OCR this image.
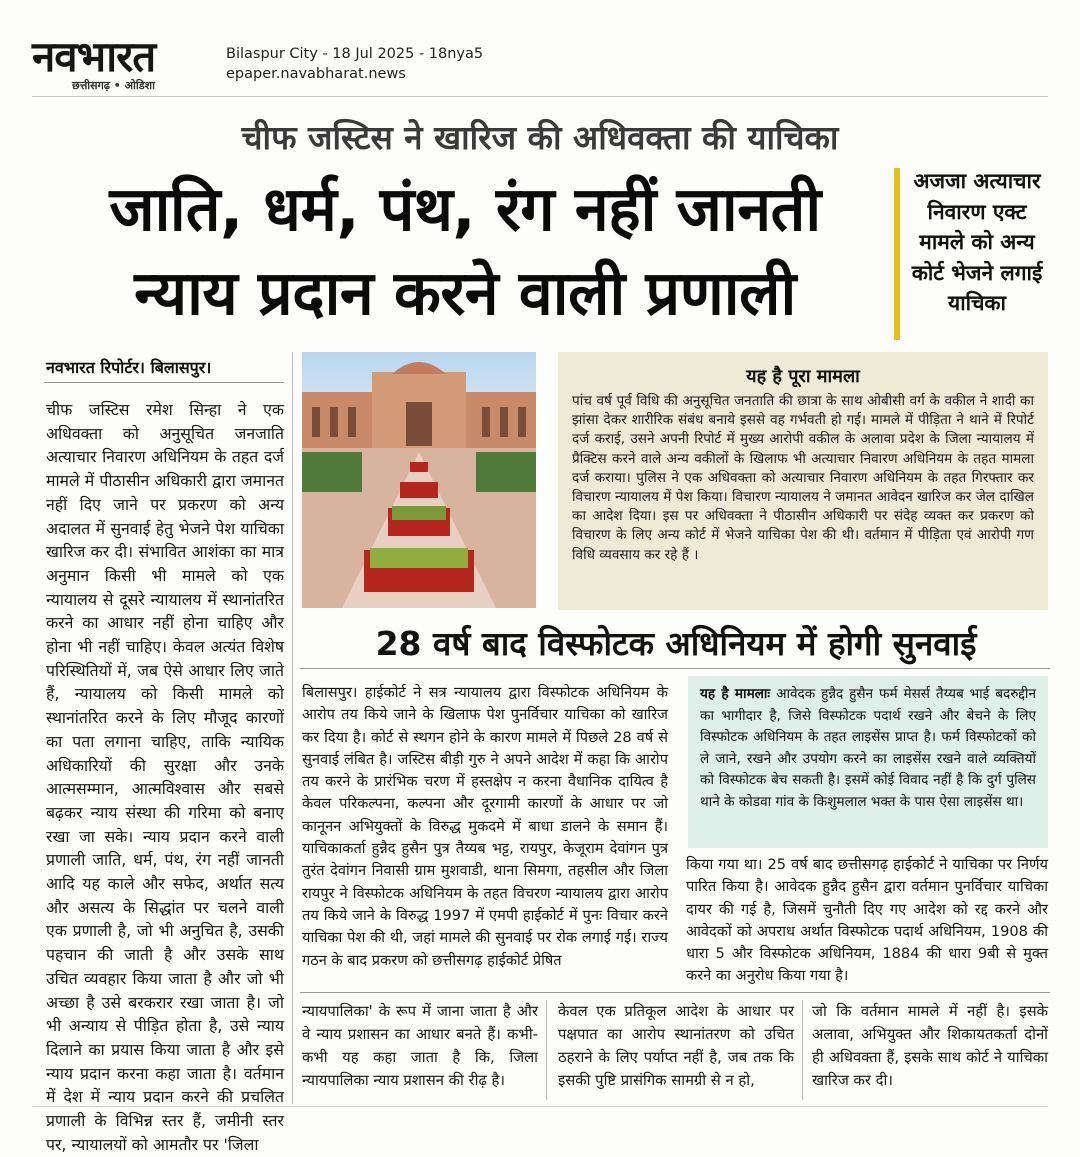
नवभारत
छत्तीसगढ़ • ओडिशा
Bilaspur City - 18 Jul 2025 - 18nya5
epaper.navabharat.news
चीफ जस्टिस ने खारिज की अधिवक्ता की याचिका
जाति, धर्म, पंथ, रंग नहीं जानती
न्याय प्रदान करने वाली प्रणाली
अजजा अत्याचार निवारण एक्ट मामले को अन्य कोर्ट भेजने लगाई याचिका
नवभारत रिपोर्टर। बिलासपुर।
चीफ जस्टिस रमेश सिन्हा ने एक अधिवक्ता को अनुसूचित जनजाति अत्याचार निवारण अधिनियम के तहत दर्ज मामले में पीठासीन अधिकारी द्वारा जमानत नहीं दिए जाने पर प्रकरण को अन्य अदालत में सुनवाई हेतु भेजने पेश याचिका खारिज कर दी। संभावित आशंका का मात्र अनुमान किसी भी मामले को एक न्यायालय से दूसरे न्यायालय में स्थानांतरित करने का आधार नहीं होना चाहिए और होना भी नहीं चाहिए। केवल अत्यंत विशेष परिस्थितियों में, जब ऐसे आधार लिए जाते हैं, न्यायालय को किसी मामले को स्थानांतरित करने के लिए मौजूद कारणों का पता लगाना चाहिए, ताकि न्यायिक अधिकारियों की सुरक्षा और उनके आत्मसम्मान, आत्मविश्वास और सबसे बढ़कर न्याय संस्था की गरिमा को बनाए रखा जा सके। न्याय प्रदान करने वाली प्रणाली जाति, धर्म, पंथ, रंग नहीं जानती आदि यह काले और सफेद, अर्थात सत्य और असत्य के सिद्धांत पर चलने वाली एक प्रणाली है, जो भी अनुचित है, उसकी पहचान की जाती है और उसके साथ उचित व्यवहार किया जाता है और जो भी अच्छा है उसे बरकरार रखा जाता है। जो भी अन्याय से पीड़ित होता है, उसे न्याय दिलाने का प्रयास किया जाता है और इसे न्याय प्रदान करना कहा जाता है। वर्तमान में देश में न्याय प्रदान करने की प्रचलित प्रणाली के विभिन्न स्तर हैं, जमीनी स्तर पर, न्यायालयों को आमतौर पर 'जिला
यह है पूरा मामला

पांच वर्ष पूर्व विधि की अनुसूचित जनताति की छात्रा के साथ ओबीसी वर्ग के वकील ने शादी का झांसा देकर शारीरिक संबंध बनाये इससे वह गर्भवती हो गई। मामले में पीड़िता ने थाने में रिपोर्ट दर्ज कराई, उसने अपनी रिपोर्ट में मुख्य आरोपी वकील के अलावा प्रदेश के जिला न्यायालय में प्रैक्टिस करने वाले अन्य वकीलों के खिलाफ भी अत्याचार निवारण अधिनियम के तहत मामला दर्ज कराया। पुलिस ने एक अधिवक्ता को अत्याचार निवारण अधिनियम के तहत गिरफ्तार कर विचारण न्यायालय में पेश किया। विचारण न्यायालय ने जमानत आवेदन खारिज कर जेल दाखिल का आदेश दिया। इस पर अधिवक्ता ने पीठासीन अधिकारी पर संदेह व्यक्त कर प्रकरण को विचारण के लिए अन्य कोर्ट में भेजने याचिका पेश की थी। वर्तमान में पीड़िता एवं आरोपी गण विधि व्यवसाय कर रहे हैं ।

28 वर्ष बाद विस्फोटक अधिनियम में होगी सुनवाई
बिलासपुर। हाईकोर्ट ने सत्र न्यायालय द्वारा विस्फोटक अधिनियम के आरोप तय किये जाने के खिलाफ पेश पुनर्विचार याचिका को खारिज कर दिया है। कोर्ट से स्थगन होने के कारण मामले में पिछले 28 वर्ष से सुनवाई लंबित है। जस्टिस बीड़ी गुरु ने अपने आदेश में कहा कि आरोप तय करने के प्रारंभिक चरण में हस्तक्षेप न करना वैधानिक दायित्व है केवल परिकल्पना, कल्पना और दूरगामी कारणों के आधार पर जो कानूनन अभियुक्तों के विरुद्ध मुकदमे में बाधा डालने के समान हैं। याचिकाकर्ता हुन्नैद हुसैन पुत्र तैय्यब भट्ट, रायपुर, केजूराम देवांगन पुत्र तुरंत देवांगन निवासी ग्राम मुशवाडी, थाना सिमगा, तहसील और जिला रायपुर ने विस्फोटक अधिनियम के तहत विचरण न्यायालय द्वारा आरोप तय किये जाने के विरुद्ध 1997 में एमपी हाईकोर्ट में पुनः विचार करने याचिका पेश की थी, जहां मामले की सुनवाई पर रोक लगाई गई। राज्य गठन के बाद प्रकरण को छत्तीसगढ़ हाईकोर्ट प्रेषित
यह है मामलाः आवेदक हुन्नैद हुसैन फर्म मेसर्स तैय्यब भाई बदरुद्दीन का भागीदार है, जिसे विस्फोटक पदार्थ रखने और बेचने के लिए विस्फोटक अधिनियम के तहत लाइसेंस प्राप्त है। फर्म विस्फोटकों को ले जाने, रखने और उपयोग करने का लाइसेंस रखने वाले व्यक्तियों को विस्फोटक बेच सकती है। इसमें कोई विवाद नहीं है कि दुर्ग पुलिस थाने के कोडवा गांव के किशुमलाल भक्त के पास ऐसा लाइसेंस था।
किया गया था। 25 वर्ष बाद छत्तीसगढ़ हाईकोर्ट ने याचिका पर निर्णय पारित किया है। आवेदक हुन्नैद हुसैन द्वारा वर्तमान पुनर्विचार याचिका दायर की गई है, जिसमें चुनौती दिए गए आदेश को रद्द करने और आवेदकों को अपराध अर्थात विस्फोटक पदार्थ अधिनियम, 1908 की धारा 5 और विस्फोटक अधिनियम, 1884 की धारा 9बी से मुक्त करने का अनुरोध किया गया है।
न्यायपालिका' के रूप में जाना जाता है और वे न्याय प्रशासन का आधार बनते हैं। कभी-कभी यह कहा जाता है कि, जिला न्यायपालिका न्याय प्रशासन की रीढ़ है।
केवल एक प्रतिकूल आदेश के आधार पर पक्षपात का आरोप स्थानांतरण को उचित ठहराने के लिए पर्याप्त नहीं है, जब तक कि इसकी पुष्टि प्रासंगिक सामग्री से न हो,
जो कि वर्तमान मामले में नहीं है। इसके अलावा, अभियुक्त और शिकायतकर्ता दोनों ही अधिवक्ता हैं, इसके साथ कोर्ट ने याचिका खारिज कर दी।
